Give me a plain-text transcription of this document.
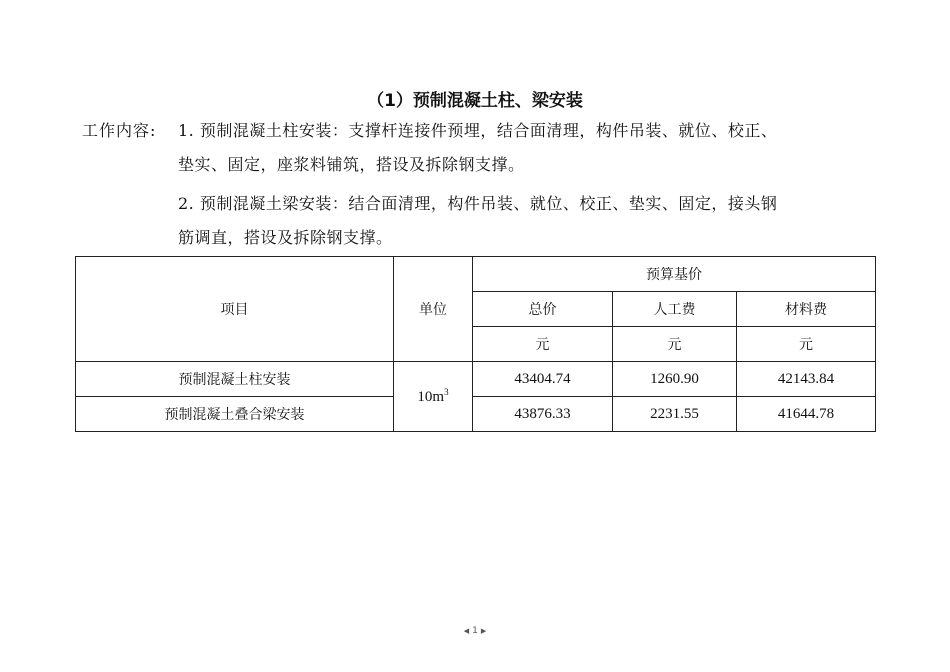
（1）预制混凝土柱、梁安装
工作内容: 1. 预制混凝土柱安装：支撑杆连接件预埋，结合面清理，构件吊装、就位、校正、
垫实、固定，座浆料铺筑，搭设及拆除钢支撑。
2. 预制混凝土梁安装：结合面清理，构件吊装、就位、校正、垫实、固定，接头钢
筋调直，搭设及拆除钢支撑。
项目	单位	预算基价		
		总价	人工费	材料费
		元	元	元
预制混凝土柱安装	$10m^3$	43404.74	1260.90	42143.84
预制混凝土叠合梁安装		43876.33	2231.55	41644.78
◀ 1 ▶
